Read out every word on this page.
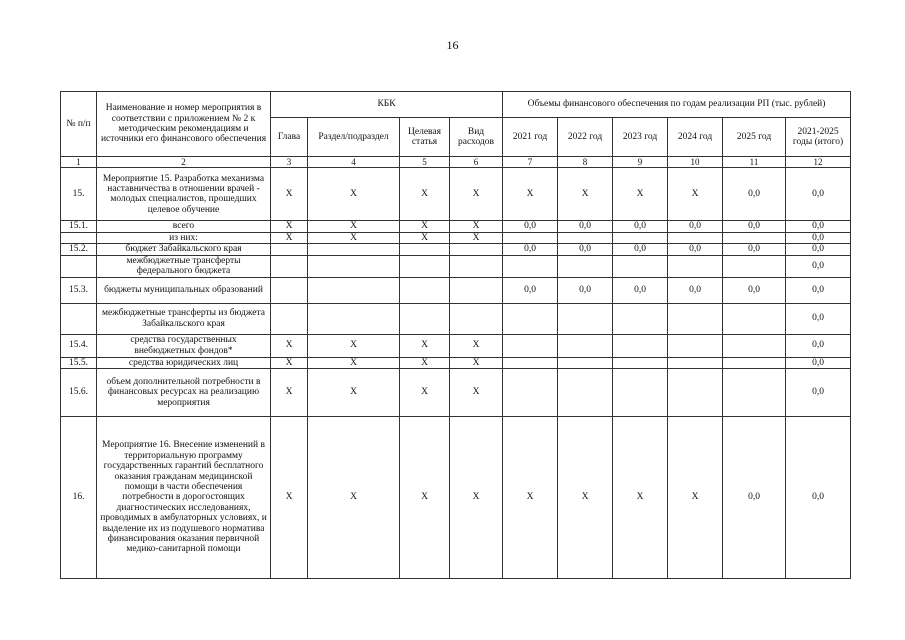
16
№ п/п	Наименование и номер мероприятия в соответствии с приложением № 2 к методическим рекомендациям и источники его финансового обеспечения	КБК				Объемы финансового обеспечения по годам реализации РП (тыс. рублей)					
		Глава	Раздел/подраздел	Целевая статья	Вид расходов	2021 год	2022 год	2023 год	2024 год	2025 год	2021-2025 годы (итого)
1	2	3	4	5	6	7	8	9	10	11	12
15.	Мероприятие 15. Разработка механизма наставничества в отношении врачей - молодых специалистов, прошедших целевое обучение	X	X	X	X	X	X	X	X	0,0	0,0
15.1.	всего	X	X	X	X	0,0	0,0	0,0	0,0	0,0	0,0
	из них:	X	X	X	X						0,0
15.2.	бюджет Забайкальского края					0,0	0,0	0,0	0,0	0,0	0,0
	межбюджетные трансферты федерального бюджета										0,0
15.3.	бюджеты муниципальных образований					0,0	0,0	0,0	0,0	0,0	0,0
	межбюджетные трансферты из бюджета Забайкальского края										0,0
15.4.	средства государственных внебюджетных фондов*	X	X	X	X						0,0
15.5.	средства юридических лиц	X	X	X	X						0,0
15.6.	объем дополнительной потребности в финансовых ресурсах на реализацию мероприятия	X	X	X	X						0,0
16.	Мероприятие 16. Внесение изменений в территориальную программу государственных гарантий бесплатного оказания гражданам медицинской помощи в части обеспечения потребности в дорогостоящих диагностических исследованиях, проводимых в амбулаторных условиях, и выделение их из подушевого норматива финансирования оказания первичной медико-санитарной помощи	X	X	X	X	X	X	X	X	0,0	0,0
